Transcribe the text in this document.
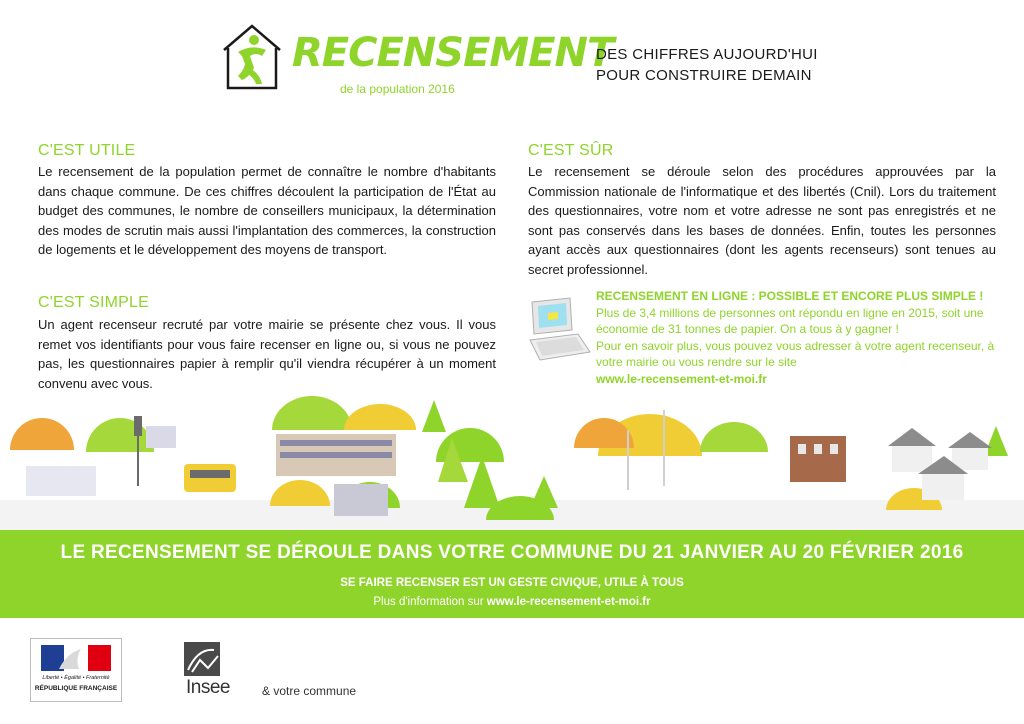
RECENSEMENT
de la population 2016
DES CHIFFRES AUJOURD'HUI
POUR CONSTRUIRE DEMAIN
C'EST UTILE
Le recensement de la population permet de connaître le nombre d'habitants dans chaque commune. De ces chiffres découlent la participation de l'État au budget des communes, le nombre de conseillers municipaux, la détermination des modes de scrutin mais aussi l'implantation des commerces, la construction de logements et le développement des moyens de transport.
C'EST SIMPLE
Un agent recenseur recruté par votre mairie se présente chez vous. Il vous remet vos identifiants pour vous faire recenser en ligne ou, si vous ne pouvez pas, les questionnaires papier à remplir qu'il viendra récupérer à un moment convenu avec vous.
C'EST SÛR
Le recensement se déroule selon des procédures approuvées par la Commission nationale de l'informatique et des libertés (Cnil). Lors du traitement des questionnaires, votre nom et votre adresse ne sont pas enregistrés et ne sont pas conservés dans les bases de données. Enfin, toutes les personnes ayant accès aux questionnaires (dont les agents recenseurs) sont tenues au secret professionnel.
RECENSEMENT EN LIGNE : POSSIBLE ET ENCORE PLUS SIMPLE !
Plus de 3,4 millions de personnes ont répondu en ligne en 2015, soit une économie de 31 tonnes de papier. On a tous à y gagner !
Pour en savoir plus, vous pouvez vous adresser à votre agent recenseur, à votre mairie ou vous rendre sur le site
www.le-recensement-et-moi.fr
LE RECENSEMENT SE DÉROULE DANS VOTRE COMMUNE DU 21 JANVIER AU 20 FÉVRIER 2016
SE FAIRE RECENSER EST UN GESTE CIVIQUE, UTILE À TOUS
Plus d'information sur www.le-recensement-et-moi.fr
Liberté • Égalité • Fraternité
RÉPUBLIQUE FRANÇAISE	Insee	& votre commune
